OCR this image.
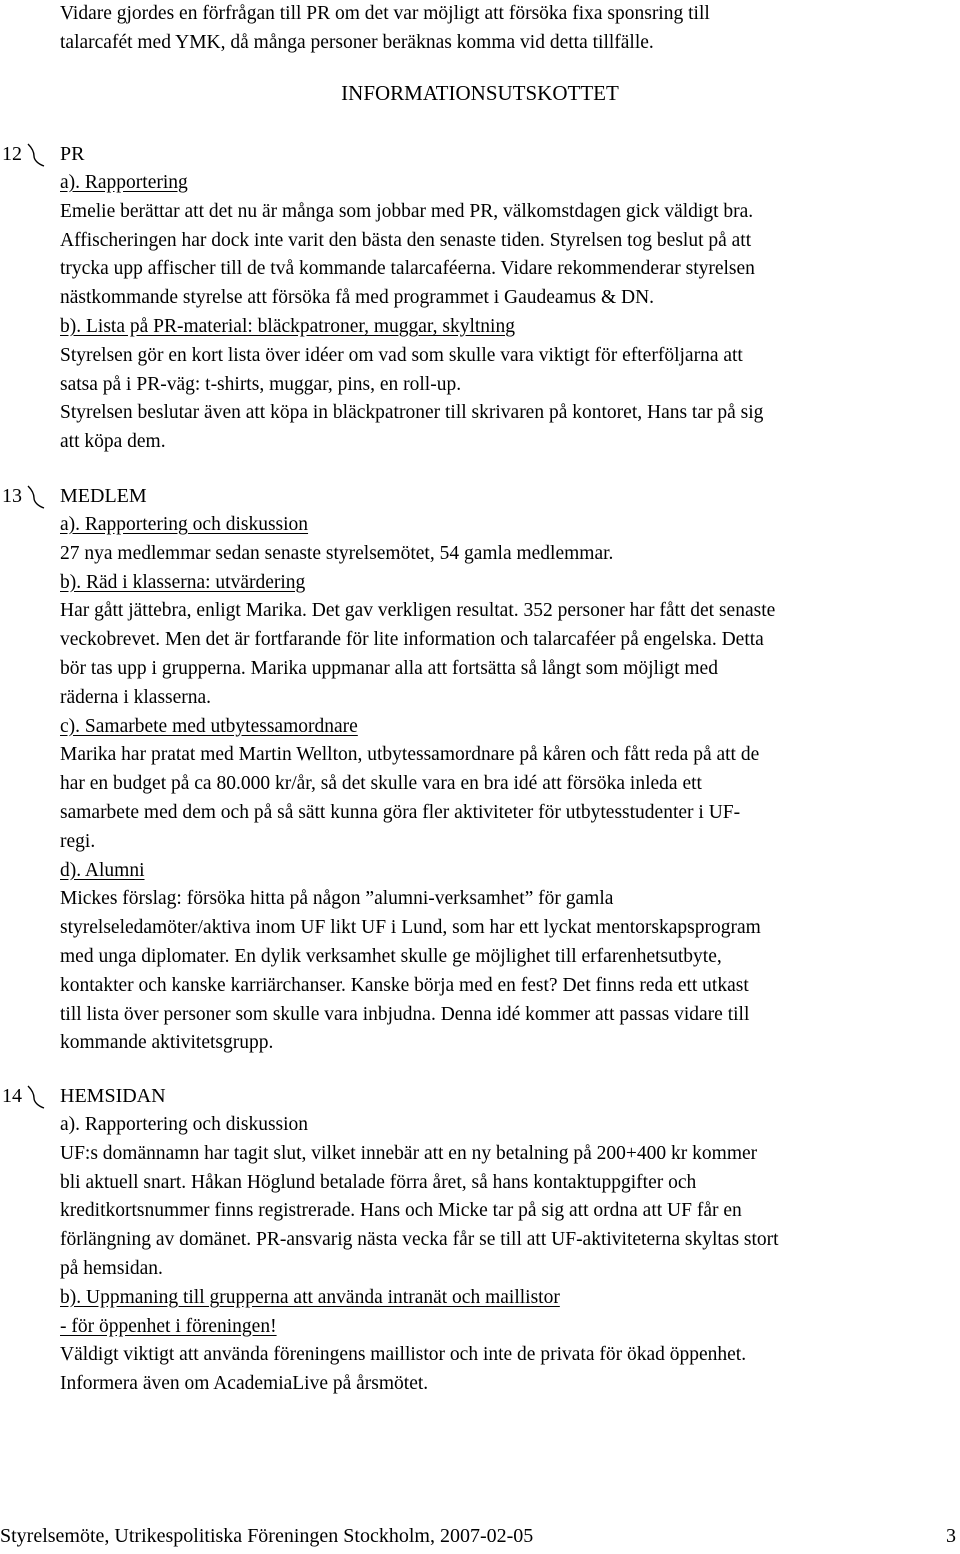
Vidare gjordes en förfrågan till PR om det var möjligt att försöka fixa sponsring till
talarcafét med YMK, då många personer beräknas komma vid detta tillfälle.
INFORMATIONSUTSKOTTET
12 PR
a). Rapportering
Emelie berättar att det nu är många som jobbar med PR, välkomstdagen gick väldigt bra.
Affischeringen har dock inte varit den bästa den senaste tiden. Styrelsen tog beslut på att
trycka upp affischer till de två kommande talarcaféerna. Vidare rekommenderar styrelsen
nästkommande styrelse att försöka få med programmet i Gaudeamus & DN.
b). Lista på PR-material: bläckpatroner, muggar, skyltning
Styrelsen gör en kort lista över idéer om vad som skulle vara viktigt för efterföljarna att
satsa på i PR-väg: t-shirts, muggar, pins, en roll-up.
Styrelsen beslutar även att köpa in bläckpatroner till skrivaren på kontoret, Hans tar på sig
att köpa dem.
13 MEDLEM
a). Rapportering och diskussion
27 nya medlemmar sedan senaste styrelsemötet, 54 gamla medlemmar.
b). Räd i klasserna: utvärdering
Har gått jättebra, enligt Marika. Det gav verkligen resultat. 352 personer har fått det senaste
veckobrevet. Men det är fortfarande för lite information och talarcaféer på engelska. Detta
bör tas upp i grupperna. Marika uppmanar alla att fortsätta så långt som möjligt med
räderna i klasserna.
c). Samarbete med utbytessamordnare
Marika har pratat med Martin Wellton, utbytessamordnare på kåren och fått reda på att de
har en budget på ca 80.000 kr/år, så det skulle vara en bra idé att försöka inleda ett
samarbete med dem och på så sätt kunna göra fler aktiviteter för utbytesstudenter i UF-
regi.
d). Alumni
Mickes förslag: försöka hitta på någon ”alumni-verksamhet” för gamla
styrelseledamöter/aktiva inom UF likt UF i Lund, som har ett lyckat mentorskapsprogram
med unga diplomater. En dylik verksamhet skulle ge möjlighet till erfarenhetsutbyte,
kontakter och kanske karriärchanser. Kanske börja med en fest? Det finns reda ett utkast
till lista över personer som skulle vara inbjudna. Denna idé kommer att passas vidare till
kommande aktivitetsgrupp.
14 HEMSIDAN
a). Rapportering och diskussion
UF:s domännamn har tagit slut, vilket innebär att en ny betalning på 200+400 kr kommer
bli aktuell snart. Håkan Höglund betalade förra året, så hans kontaktuppgifter och
kreditkortsnummer finns registrerade. Hans och Micke tar på sig att ordna att UF får en
förlängning av domänet. PR-ansvarig nästa vecka får se till att UF-aktiviteterna skyltas stort
på hemsidan.
b). Uppmaning till grupperna att använda intranät och maillistor
- för öppenhet i föreningen!
Väldigt viktigt att använda föreningens maillistor och inte de privata för ökad öppenhet.
Informera även om AcademiaLive på årsmötet.
Styrelsemöte, Utrikespolitiska Föreningen Stockholm, 2007-02-05	3
